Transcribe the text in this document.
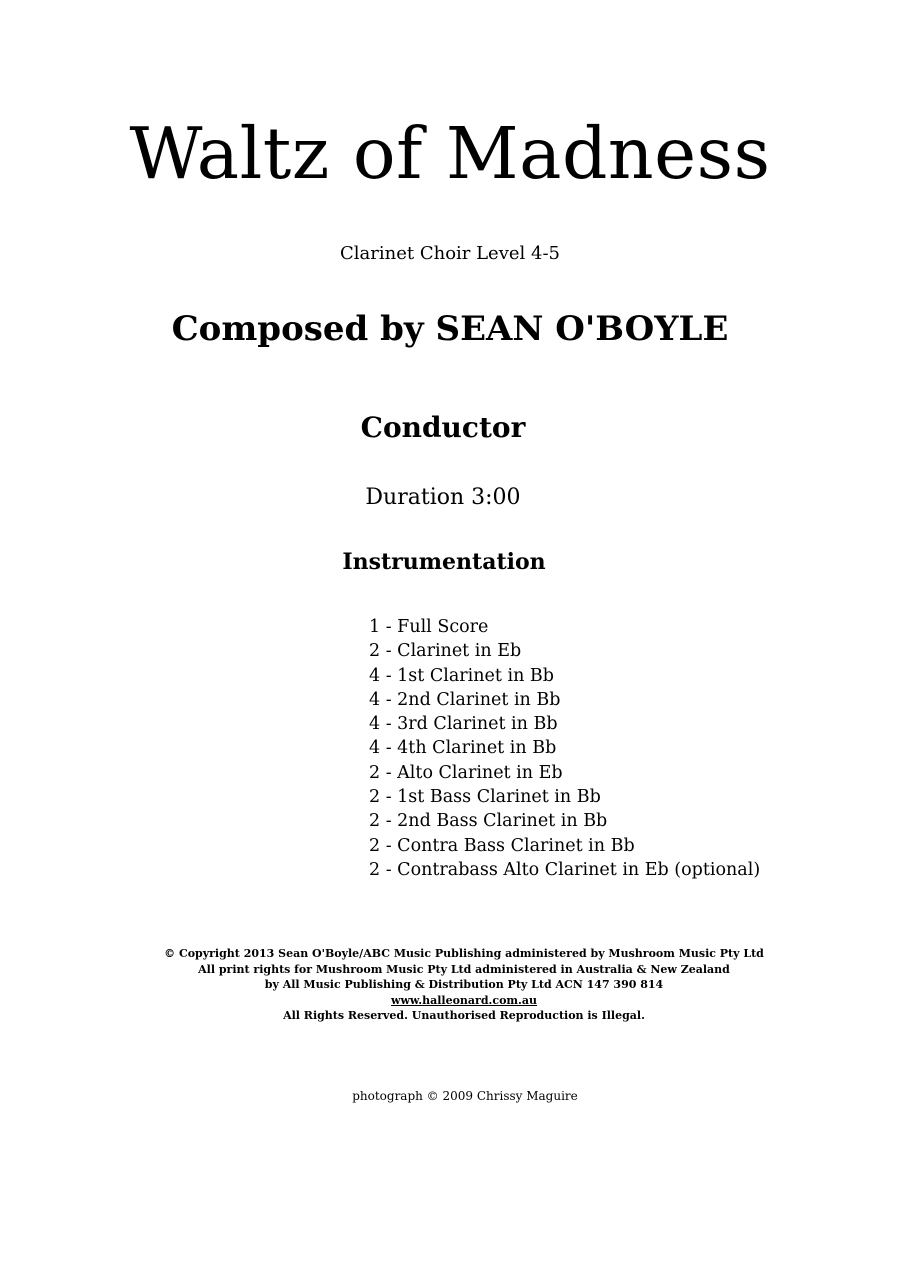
Waltz of Madness
Clarinet Choir Level 4-5
Composed by SEAN O'BOYLE
Conductor
Duration 3:00
Instrumentation
1 - Full Score
2 - Clarinet in Eb
4 - 1st Clarinet in Bb
4 - 2nd Clarinet in Bb
4 - 3rd Clarinet in Bb
4 - 4th Clarinet in Bb
2 - Alto Clarinet in Eb
2 - 1st Bass Clarinet in Bb
2 - 2nd Bass Clarinet in Bb
2 - Contra Bass Clarinet in Bb
2 - Contrabass Alto Clarinet in Eb (optional)
© Copyright 2013 Sean O'Boyle/ABC Music Publishing administered by Mushroom Music Pty Ltd
All print rights for Mushroom Music Pty Ltd administered in Australia & New Zealand
by All Music Publishing & Distribution Pty Ltd ACN 147 390 814
www.halleonard.com.au
All Rights Reserved. Unauthorised Reproduction is Illegal.
photograph © 2009 Chrissy Maguire
